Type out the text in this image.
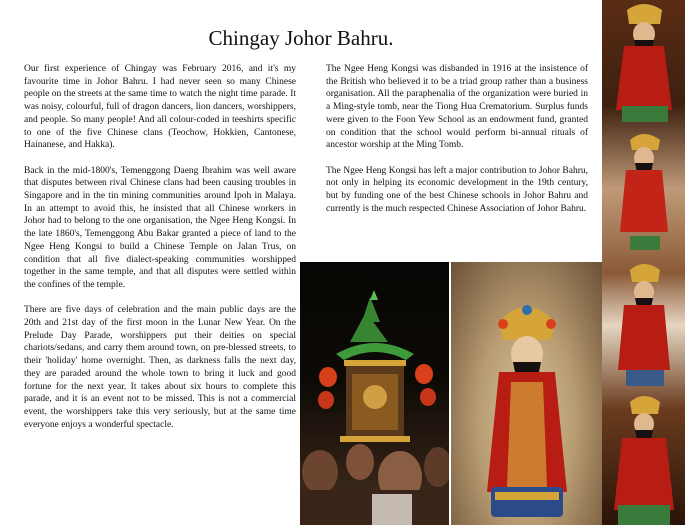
Chingay Johor Bahru.

Our first experience of Chingay was February 2016, and it's my favourite time in Johor Bahru. I had never seen so many Chinese people on the streets at the same time to watch the night time parade. It was noisy, colourful, full of dragon dancers, lion dancers, worshippers, and people. So many people! And all colour-coded in teeshirts specific to one of the five Chinese clans (Teochow, Hokkien, Cantonese, Hainanese, and Hakka).

Back in the mid-1800's, Temenggong Daeng Ibrahim was well aware that disputes between rival Chinese clans had been causing troubles in Singapore and in the tin mining communities around Ipoh in Malaya. In an attempt to avoid this, he insisted that all Chinese workers in Johor had to belong to the one organisation, the Ngee Heng Kongsi. In the late 1860's, Temenggong Abu Bakar granted a piece of land to the Ngee Heng Kongsi to build a Chinese Temple on Jalan Trus, on condition that all five dialect-speaking communities worshipped together in the same temple, and that all disputes were settled within the confines of the temple.

There are five days of celebration and the main public days are the 20th and 21st day of the first moon in the Lunar New Year. On the Prelude Day Parade, worshippers put their deities on special chariots/sedans, and carry them around town, on pre-blessed streets, to their 'holiday' home overnight. Then, as darkness falls the next day, they are paraded around the whole town to bring it luck and good fortune for the next year. It takes about six hours to complete this parade, and it is an event not to be missed. This is not a commercial event, the worshippers take this very seriously, but at the same time everyone enjoys a wonderful spectacle.

The Ngee Heng Kongsi was disbanded in 1916 at the insistence of the British who believed it to be a triad group rather than a business organisation. All the paraphenalia of the organization were buried in a Ming-style tomb, near the Tiong Hua Crematorium. Surplus funds were given to the Foon Yew School as an endowment fund, granted on condition that the school would perform bi-annual rituals of ancestor worship at the Ming Tomb.

The Ngee Heng Kongsi has left a major contribution to Johor Bahru, not only in helping its economic development in the 19th century, but by funding one of the best Chinese schools in Johor Bahru and currently is the much respected Chinese Association of Johor Bahru.
